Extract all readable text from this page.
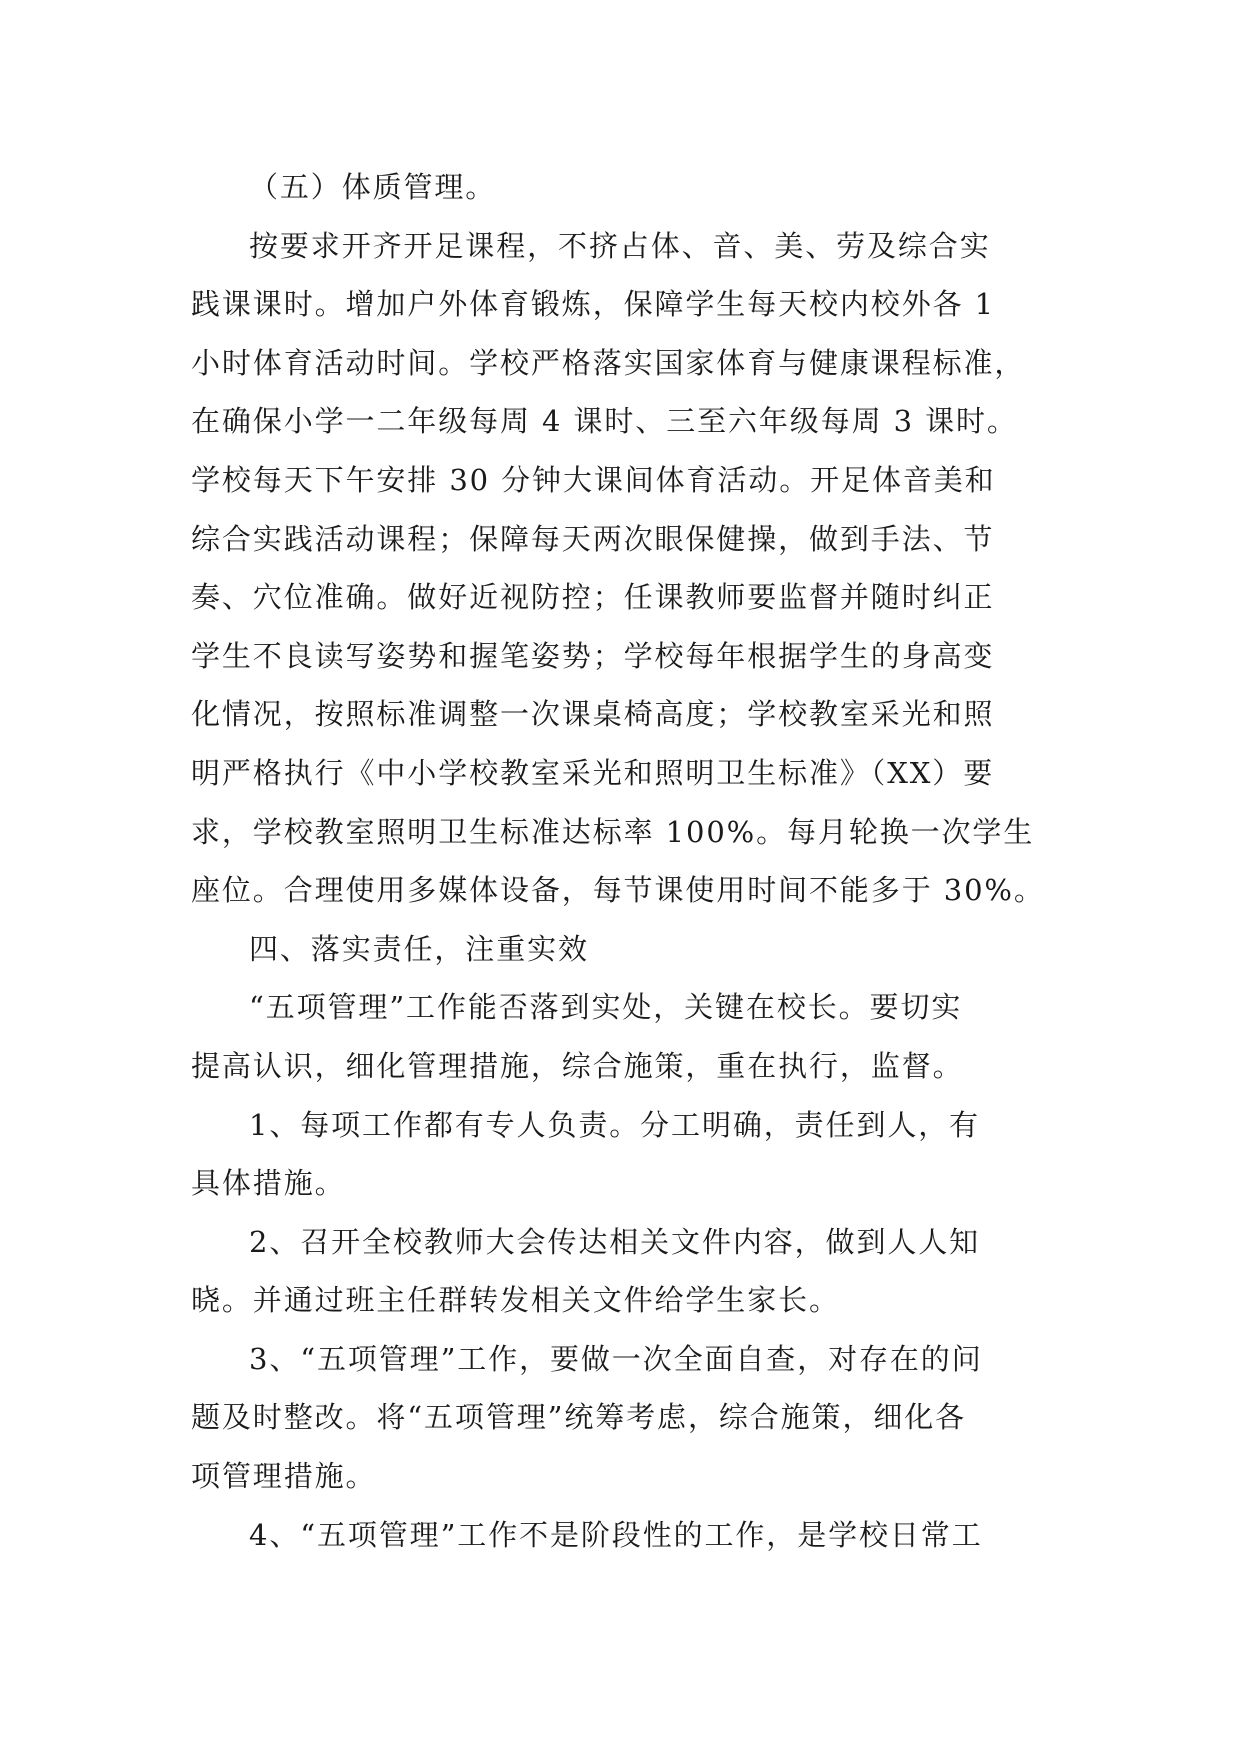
（五）体质管理。

按要求开齐开足课程，不挤占体、音、美、劳及综合实

践课课时。增加户外体育锻炼，保障学生每天校内校外各 1

小时体育活动时间。学校严格落实国家体育与健康课程标准，

在确保小学一二年级每周 4 课时、三至六年级每周 3 课时。

学校每天下午安排 30 分钟大课间体育活动。开足体音美和

综合实践活动课程；保障每天两次眼保健操，做到手法、节

奏、穴位准确。做好近视防控；任课教师要监督并随时纠正

学生不良读写姿势和握笔姿势；学校每年根据学生的身高变

化情况，按照标准调整一次课桌椅高度；学校教室采光和照

明严格执行《中小学校教室采光和照明卫生标准》（XX）要

求，学校教室照明卫生标准达标率 100%。每月轮换一次学生

座位。合理使用多媒体设备，每节课使用时间不能多于 30%。

四、落实责任，注重实效

“五项管理”工作能否落到实处，关键在校长。要切实

提高认识，细化管理措施，综合施策，重在执行，监督。

1、每项工作都有专人负责。分工明确，责任到人，有

具体措施。

2、召开全校教师大会传达相关文件内容，做到人人知

晓。并通过班主任群转发相关文件给学生家长。

3、“五项管理”工作，要做一次全面自查，对存在的问

题及时整改。将“五项管理”统筹考虑，综合施策，细化各

项管理措施。

4、“五项管理”工作不是阶段性的工作，是学校日常工
